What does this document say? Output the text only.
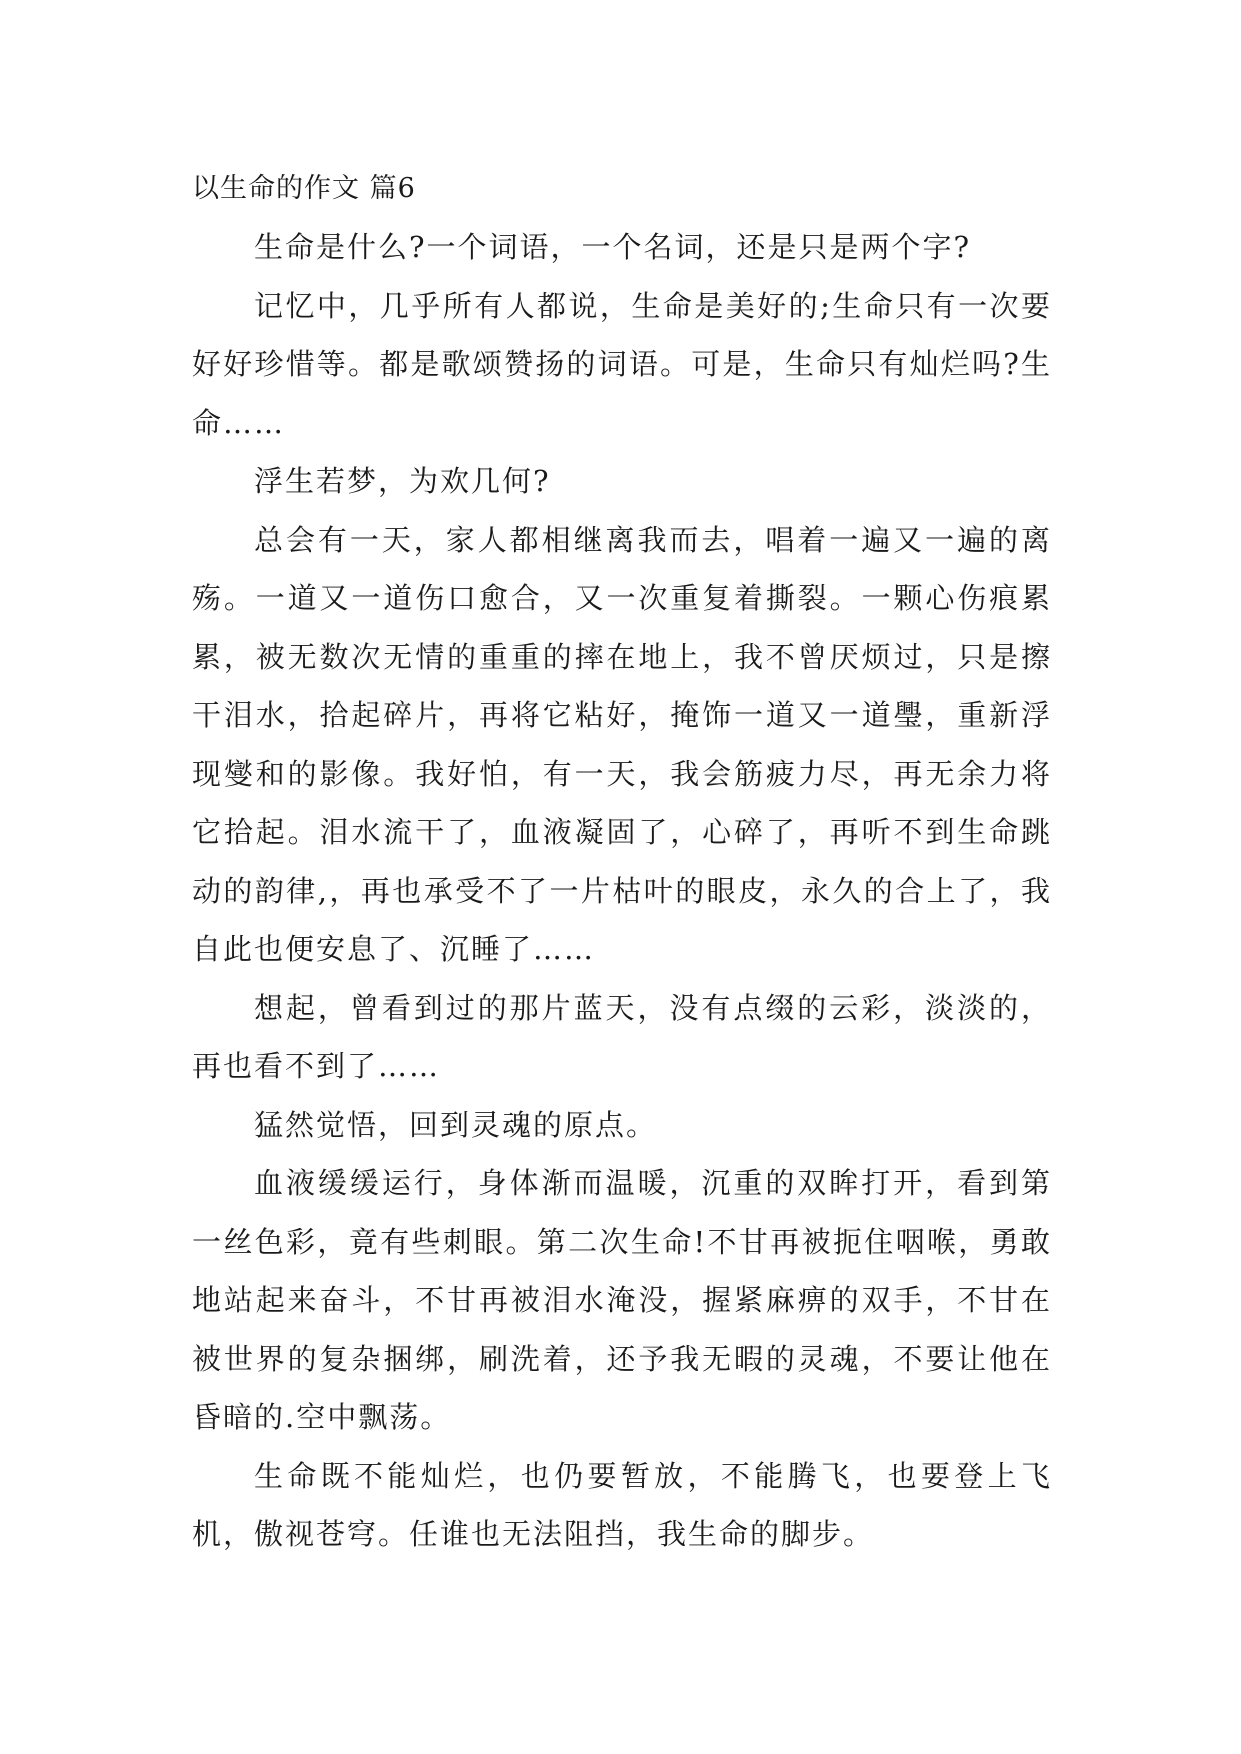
以生命的作文 篇6

生命是什么?一个词语，一个名词，还是只是两个字?

记忆中，几乎所有人都说，生命是美好的;生命只有一次要好好珍惜等。都是歌颂赞扬的词语。可是，生命只有灿烂吗?生命……

浮生若梦，为欢几何?

总会有一天，家人都相继离我而去，唱着一遍又一遍的离殇。一道又一道伤口愈合，又一次重复着撕裂。一颗心伤痕累累，被无数次无情的重重的摔在地上，我不曾厌烦过，只是擦干泪水，拾起碎片，再将它粘好，掩饰一道又一道璺，重新浮现燮和的影像。我好怕，有一天，我会筋疲力尽，再无余力将它拾起。泪水流干了，血液凝固了，心碎了，再听不到生命跳动的韵律,，再也承受不了一片枯叶的眼皮，永久的合上了，我自此也便安息了、沉睡了……

想起，曾看到过的那片蓝天，没有点缀的云彩，淡淡的，再也看不到了……

猛然觉悟，回到灵魂的原点。

血液缓缓运行，身体渐而温暖，沉重的双眸打开，看到第一丝色彩，竟有些刺眼。第二次生命!不甘再被扼住咽喉，勇敢地站起来奋斗，不甘再被泪水淹没，握紧麻痹的双手，不甘在被世界的复杂捆绑，刷洗着，还予我无暇的灵魂，不要让他在昏暗的.空中飘荡。

生命既不能灿烂，也仍要暂放，不能腾飞，也要登上飞机，傲视苍穹。任谁也无法阻挡，我生命的脚步。
